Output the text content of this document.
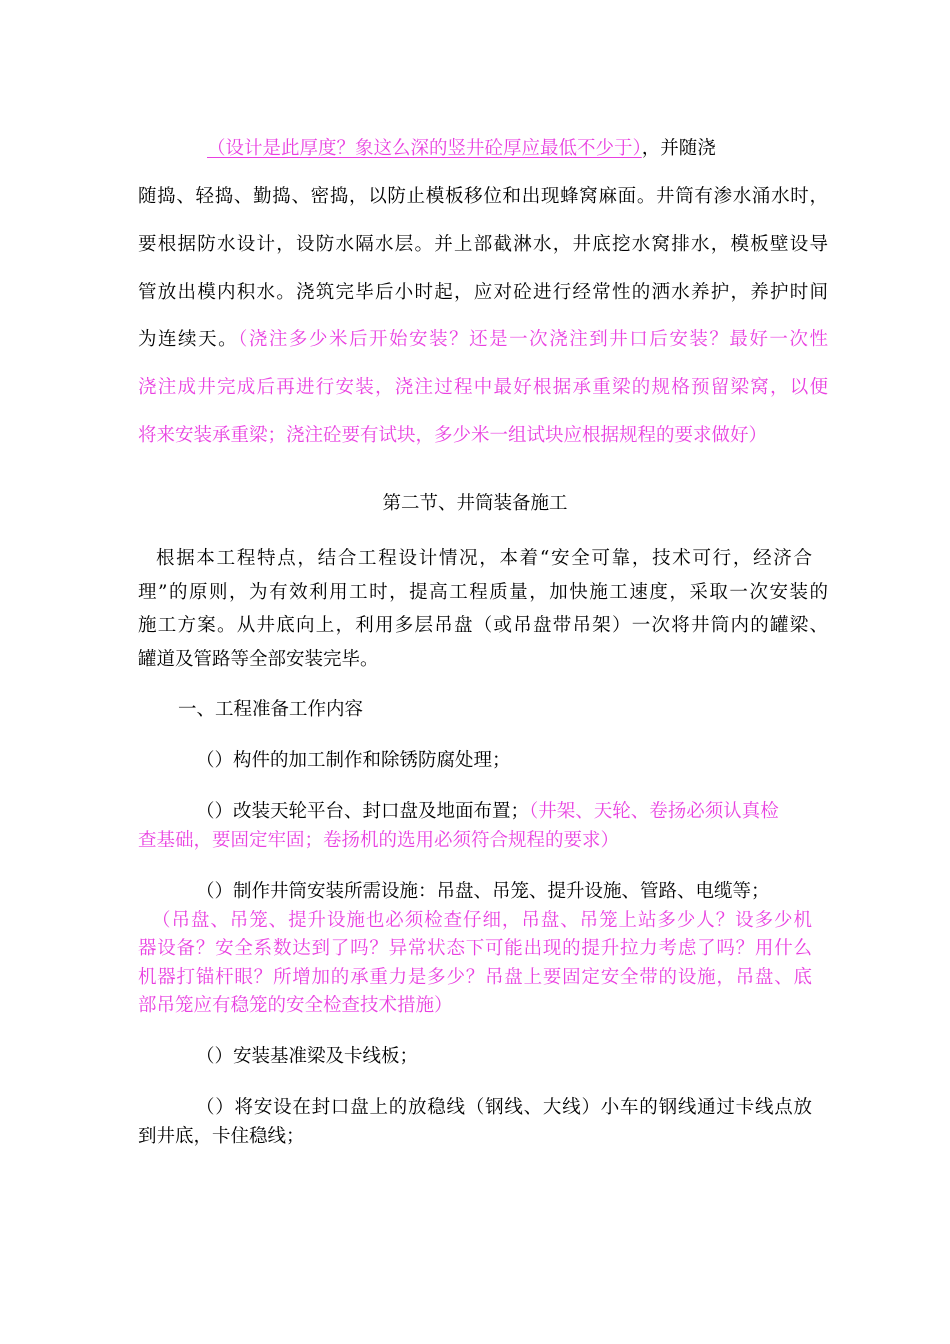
（设计是此厚度？象这么深的竖井砼厚应最低不少于），并随浇
随捣、轻捣、勤捣、密捣，以防止模板移位和出现蜂窝麻面。井筒有渗水涌水时，
要根据防水设计，设防水隔水层。并上部截淋水，井底挖水窝排水，模板壁设导
管放出模内积水。浇筑完毕后小时起，应对砼进行经常性的洒水养护，养护时间
为连续天。（浇注多少米后开始安装？还是一次浇注到井口后安装？最好一次性
浇注成井完成后再进行安装，浇注过程中最好根据承重梁的规格预留梁窝，以便
将来安装承重梁；浇注砼要有试块，多少米一组试块应根据规程的要求做好）
第二节、井筒装备施工
根据本工程特点，结合工程设计情况，本着“安全可靠，技术可行，经济合
理”的原则，为有效利用工时，提高工程质量，加快施工速度，采取一次安装的
施工方案。从井底向上，利用多层吊盘（或吊盘带吊架）一次将井筒内的罐梁、
罐道及管路等全部安装完毕。
一、工程准备工作内容
（）构件的加工制作和除锈防腐处理；
（）改装天轮平台、封口盘及地面布置；（井架、天轮、卷扬必须认真检
查基础，要固定牢固；卷扬机的选用必须符合规程的要求）
（）制作井筒安装所需设施：吊盘、吊笼、提升设施、管路、电缆等；
（吊盘、吊笼、提升设施也必须检查仔细，吊盘、吊笼上站多少人？设多少机
器设备？安全系数达到了吗？异常状态下可能出现的提升拉力考虑了吗？用什么
机器打锚杆眼？所增加的承重力是多少？吊盘上要固定安全带的设施，吊盘、底
部吊笼应有稳笼的安全检查技术措施）
（）安装基准梁及卡线板；
（）将安设在封口盘上的放稳线（钢线、大线）小车的钢线通过卡线点放
到井底，卡住稳线；
